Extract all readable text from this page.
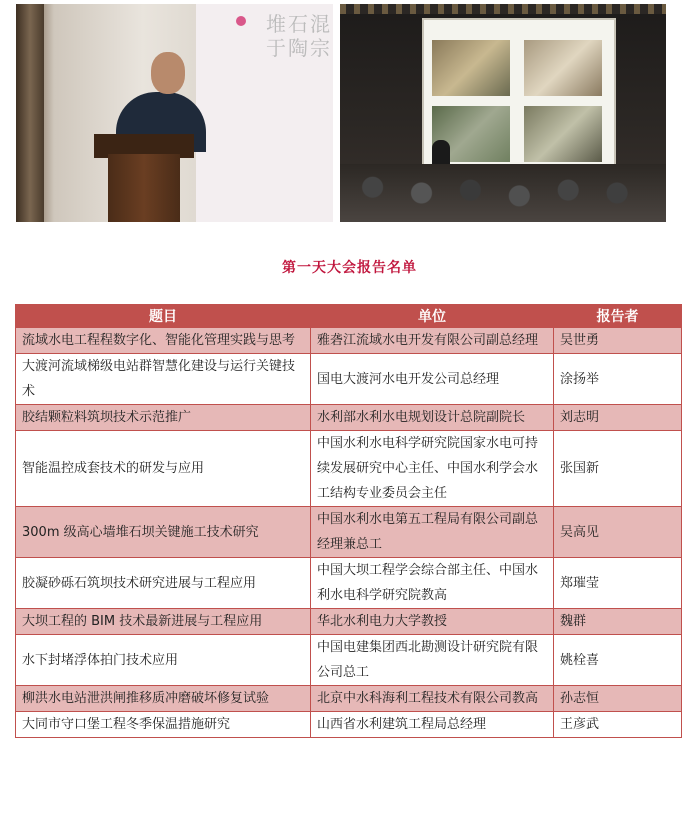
堆石混
于陶宗
第一天大会报告名单
题目	单位	报告者
流域水电工程程数字化、智能化管理实践与思考	雅砻江流域水电开发有限公司副总经理	吴世勇
大渡河流域梯级电站群智慧化建设与运行关键技术	国电大渡河水电开发公司总经理	涂扬举
胶结颗粒料筑坝技术示范推广	水利部水利水电规划设计总院副院长	刘志明
智能温控成套技术的研发与应用	中国水利水电科学研究院国家水电可持续发展研究中心主任、中国水利学会水工结构专业委员会主任	张国新
300m 级高心墙堆石坝关键施工技术研究	中国水利水电第五工程局有限公司副总经理兼总工	吴高见
胶凝砂砾石筑坝技术研究进展与工程应用	中国大坝工程学会综合部主任、中国水利水电科学研究院教高	郑璀莹
大坝工程的 BIM 技术最新进展与工程应用	华北水利电力大学教授	魏群
水下封堵浮体拍门技术应用	中国电建集团西北勘测设计研究院有限公司总工	姚栓喜
柳洪水电站泄洪闸推移质冲磨破坏修复试验	北京中水科海利工程技术有限公司教高	孙志恒
大同市守口堡工程冬季保温措施研究	山西省水利建筑工程局总经理	王彦武
